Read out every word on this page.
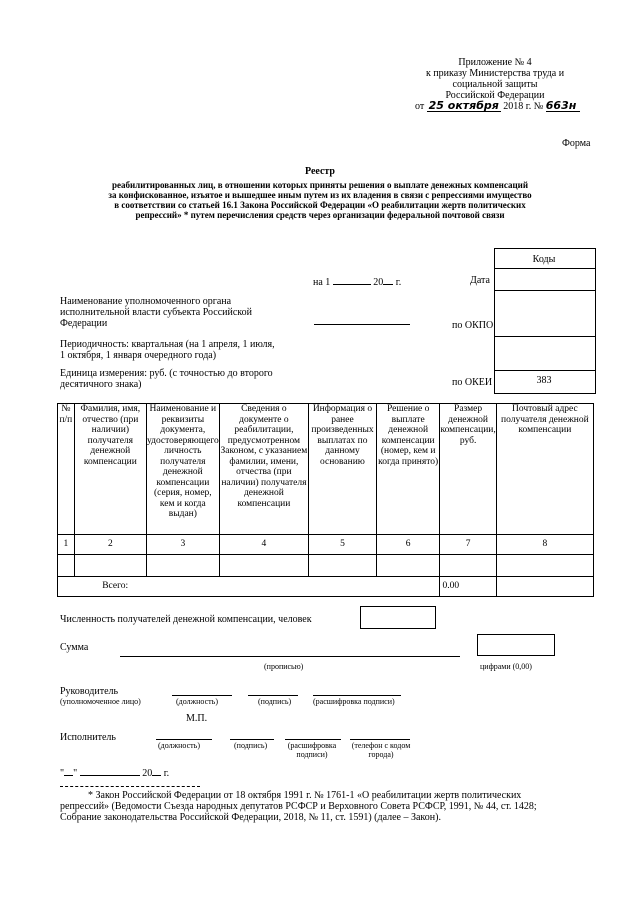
Приложение № 4
к приказу Министерства труда и
социальной защиты
Российской Федерации
от 25 октября 2018 г. № 663н
Форма
Реестр
реабилитированных лиц, в отношении которых приняты решения о выплате денежных компенсаций
за конфискованное, изъятое и вышедшее иным путем из их владения в связи с репрессиями имущество
в соответствии со статьей 16.1 Закона Российской Федерации «О реабилитации жертв политических
репрессий» * путем перечисления средств через организации федеральной почтовой связи
Коды
383
Дата
по ОКПО
по ОКЕИ
на 1	20 г.
Наименование уполномоченного органа
исполнительной власти субъекта Российской
Федерации
Периодичность: квартальная (на 1 апреля, 1 июля,
1 октября, 1 января очередного года)
Единица измерения: руб. (с точностью до второго
десятичного знака)
№ п/п	Фамилия, имя, отчество (при наличии) получателя денежной компенсации	Наименование и реквизиты документа, удостоверяющего личность получателя денежной компенсации (серия, номер, кем и когда выдан)	Сведения о документе о реабилитации, предусмотренном Законом, с указанием фамилии, имени, отчества (при наличии) получателя денежной компенсации	Информация о ранее произведенных выплатах по данному основанию	Решение о выплате денежной компенсации (номер, кем и когда принято)	Размер денежной компенсации, руб.	Почтовый адрес получателя денежной компенсации
1	2	3	4	5	6	7	8

	Всего:					0.00	
Численность получателей денежной компенсации, человек
Сумма
(прописью)	цифрами (0,00)
Руководитель
(уполномоченное лицо)	(должность)	(подпись)	(расшифровка подписи)
М.П.
Исполнитель
(должность)	(подпись)	(расшифровка подписи)
(телефон с кодом города)
" "	20 г.
* Закон Российской Федерации от 18 октября 1991 г. № 1761-1 «О реабилитации жертв политических
репрессий» (Ведомости Съезда народных депутатов РСФСР и Верховного Совета РСФСР, 1991, № 44, ст. 1428;
Собрание законодательства Российской Федерации, 2018, № 11, ст. 1591) (далее – Закон).
